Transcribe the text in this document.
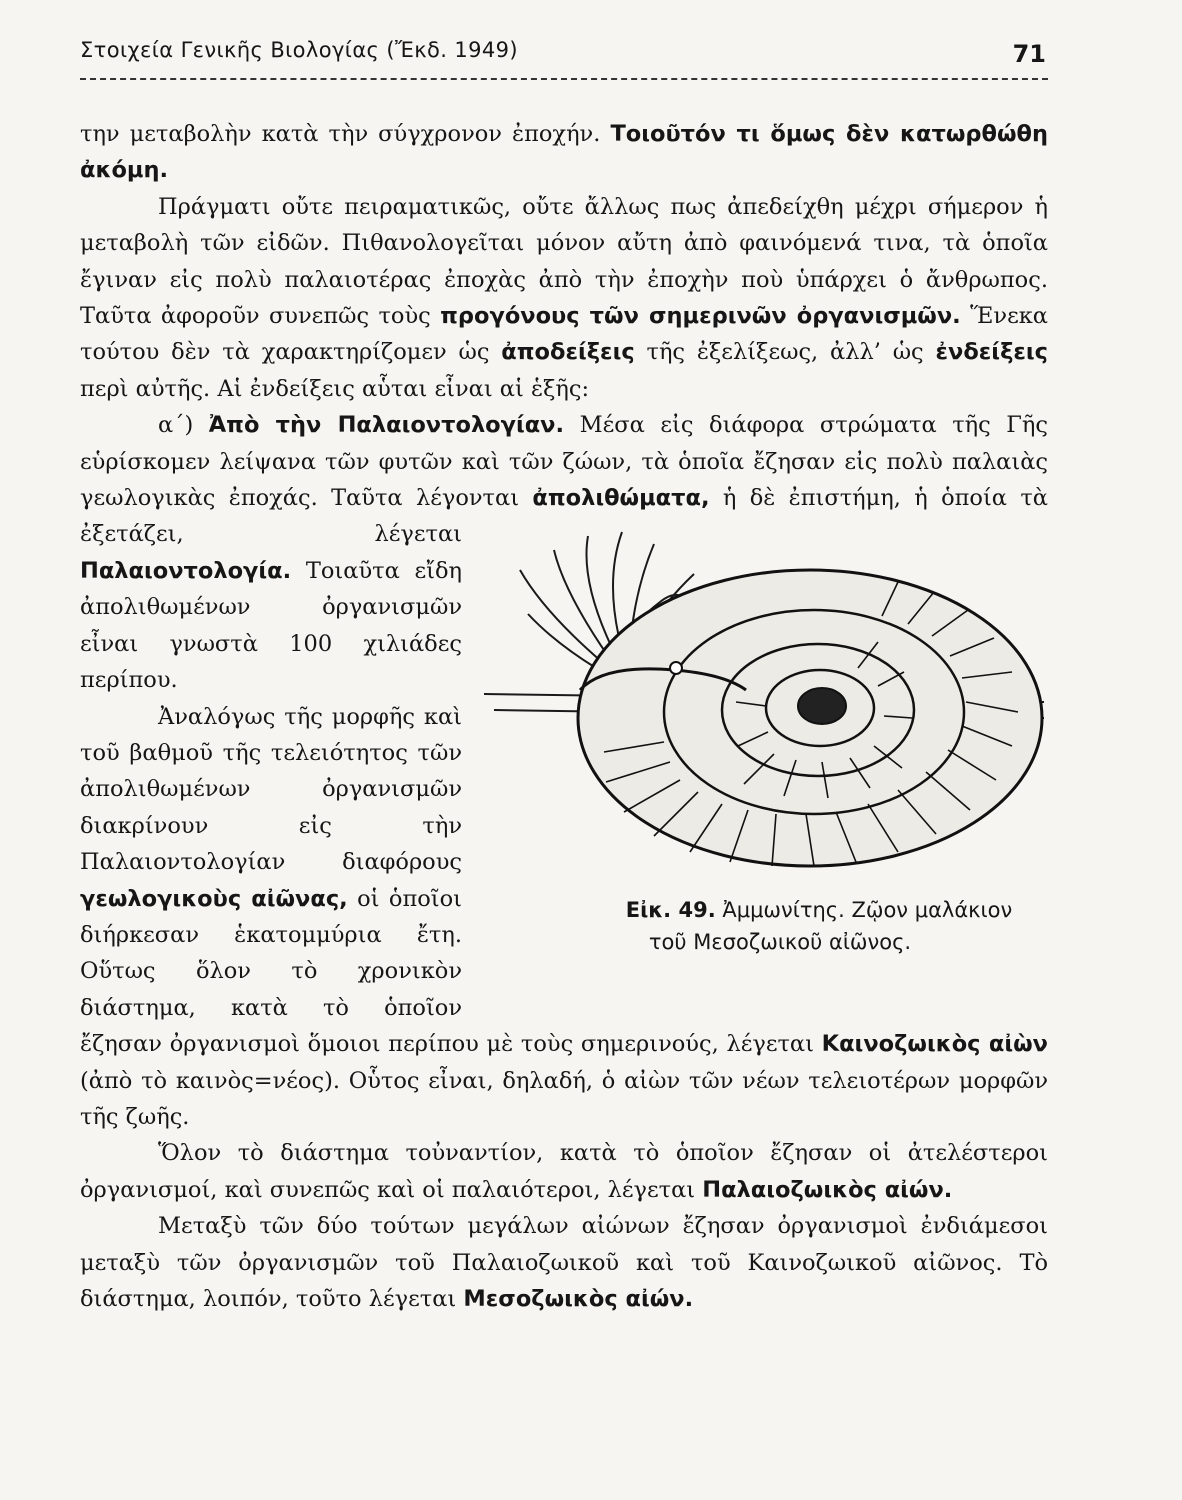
Στοιχεία Γενικῆς Βιολογίας (Ἔκδ. 1949)	71

την μεταβολὴν κατὰ τὴν σύγχρονον ἐποχήν. Τοιοῦτόν τι ὅμως δὲν κατωρθώθη ἀκόμη.

Πράγματι οὔτε πειραματικῶς, οὔτε ἄλλως πως ἀπεδείχθη μέχρι σήμερον ἡ μεταβολὴ τῶν εἰδῶν. Πιθανολογεῖται μόνον αὔτη ἀπὸ φαινόμενά τινα, τὰ ὁποῖα ἔγιναν εἰς πολὺ παλαιοτέρας ἐποχὰς ἀπὸ τὴν ἐποχὴν ποὺ ὑπάρχει ὁ ἄνθρωπος. Ταῦτα ἀφοροῦν συνεπῶς τοὺς προγόνους τῶν σημερινῶν ὀργανισμῶν. Ἕνεκα τούτου δὲν τὰ χαρακτηρίζομεν ὡς ἀποδείξεις τῆς ἐξελίξεως, ἀλλ’ ὡς ἐνδείξεις περὶ αὐτῆς. Αἱ ἐνδείξεις αὗται εἶναι αἱ ἑξῆς:

α΄) Ἀπὸ τὴν Παλαιοντολογίαν. Μέσα εἰς διάφορα στρώματα τῆς Γῆς εὑρίσκομεν λείψανα τῶν φυτῶν καὶ τῶν ζώων, τὰ ὁποῖα ἔζησαν εἰς πολὺ παλαιὰς γεωλογικὰς ἐποχάς. Ταῦτα λέγονται
Εἰκ. 49. Ἀμμωνίτης. Ζῷον μαλάκιον
τοῦ Μεσοζωικοῦ αἰῶνος.
ἀπολιθώματα, ἡ δὲ ἐπιστήμη, ἡ ὁποία τὰ ἐξετάζει, λέγεται Παλαιοντολογία. Τοιαῦτα εἴδη ἀπολιθωμένων ὀργανισμῶν εἶναι γνωστὰ 100 χιλιάδες περίπου.

Ἀναλόγως τῆς μορφῆς καὶ τοῦ βαθμοῦ τῆς τελειότητος τῶν ἀπολιθωμένων ὀργανισμῶν διακρίνουν εἰς τὴν Παλαιοντολογίαν διαφόρους γεωλογικοὺς αἰῶνας, οἱ ὁποῖοι διήρκεσαν ἑκατομμύρια ἔτη. Οὕτως ὅλον τὸ χρονικὸν διάστημα, κατὰ τὸ ὁποῖον ἔζησαν ὀργανισμοὶ ὅμοιοι περίπου μὲ τοὺς σημερινούς, λέγεται Καινοζωικὸς αἰὼν (ἀπὸ τὸ καινὸς=νέος). Οὗτος εἶναι, δηλαδή, ὁ αἰὼν τῶν νέων τελειοτέρων μορφῶν τῆς ζωῆς.

Ὅλον τὸ διάστημα τοὐναντίον, κατὰ τὸ ὁποῖον ἔζησαν οἱ ἀτελέστεροι ὀργανισμοί, καὶ συνεπῶς καὶ οἱ παλαιότεροι, λέγεται Παλαιοζωικὸς αἰών.

Μεταξὺ τῶν δύο τούτων μεγάλων αἰώνων ἔζησαν ὀργανισμοὶ ἐνδιάμεσοι μεταξὺ τῶν ὀργανισμῶν τοῦ Παλαιοζωικοῦ καὶ τοῦ Καινοζωικοῦ αἰῶνος. Τὸ διάστημα, λοιπόν, τοῦτο λέγεται Μεσοζωικὸς αἰών.
